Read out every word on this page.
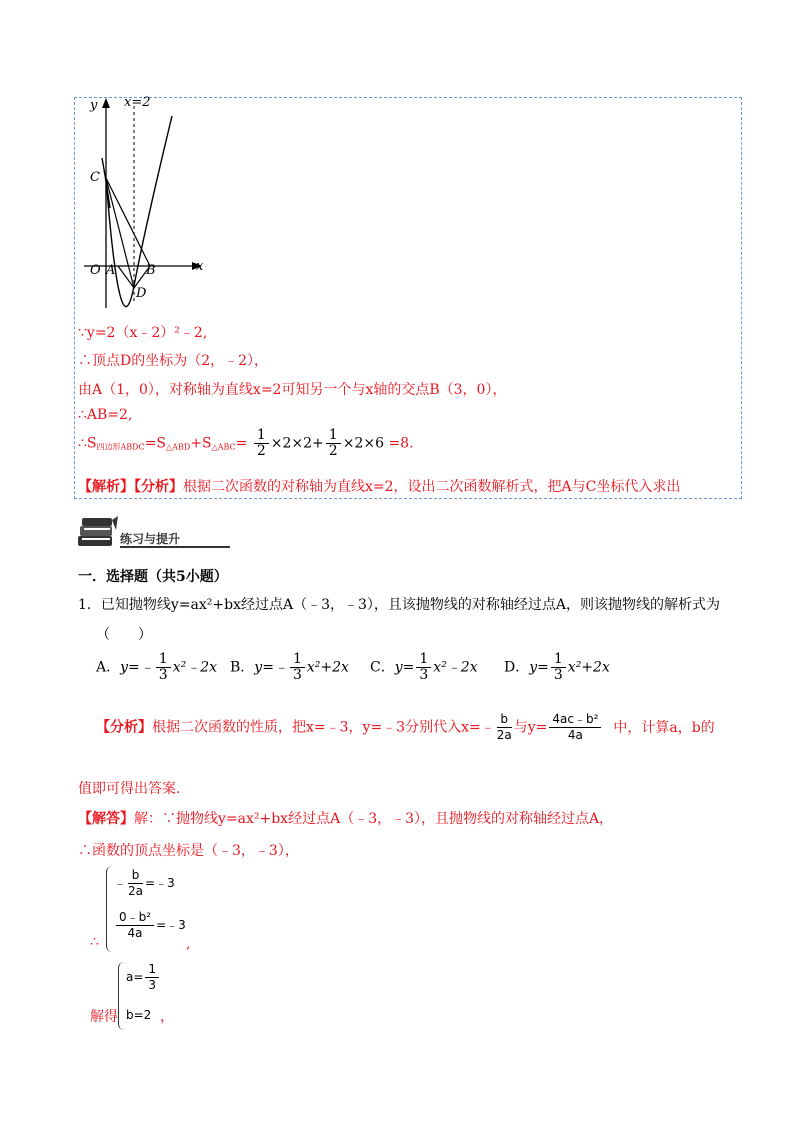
y x=2
C
O A B
D
x
∵y=2（x﹣2）²﹣2,
∴顶点D的坐标为（2，﹣2），
由A（1，0），对称轴为直线x=2可知另一个与x轴的交点B（3，0），
∴AB=2,
$\therefore S_{四边形ABDC}=S_{\triangle ABD}+S_{\triangle ABC}= \frac{1}{2} \times 2\times 2+ \frac{1}{2} \times 2\times 6 =8$.
【解析】【分析】根据二次函数的对称轴为直线x=2，设出二次函数解析式，把A与C坐标代入求出
练习与提升
一．选择题（共5小题）
1．已知抛物线y=ax²+bx经过点A（﹣3，﹣3），且该抛物线的对称轴经过点A，则该抛物线的解析式为
（　　）
A．y=﹣ $\frac{1}{3}$ x²﹣2x B．y=﹣ $\frac{1}{3} x^2+2x$ C．$y= \frac{1}{3}$ x²﹣2x D．$y= \frac{1}{3} x^2+2x$
【分析】根据二次函数的性质，把x=﹣3，y=﹣3分别代入x=﹣ $\frac{b}{2a}$ 与$y= \frac{\text{4ac﹣b²}}{4a}$ 中，计算a，b的
值即可得出答案.
【解答】解：∵抛物线y=ax²+bx经过点A（﹣3，﹣3），且抛物线的对称轴经过点A，
∴函数的顶点坐标是（﹣3，﹣3），
﹣ $\frac{b}{2a}$ =﹣3
$\frac{\text{0﹣b²}}{4a}$ =﹣3
∴	,
$a= \frac{1}{3}$
解得 b=2 ，
